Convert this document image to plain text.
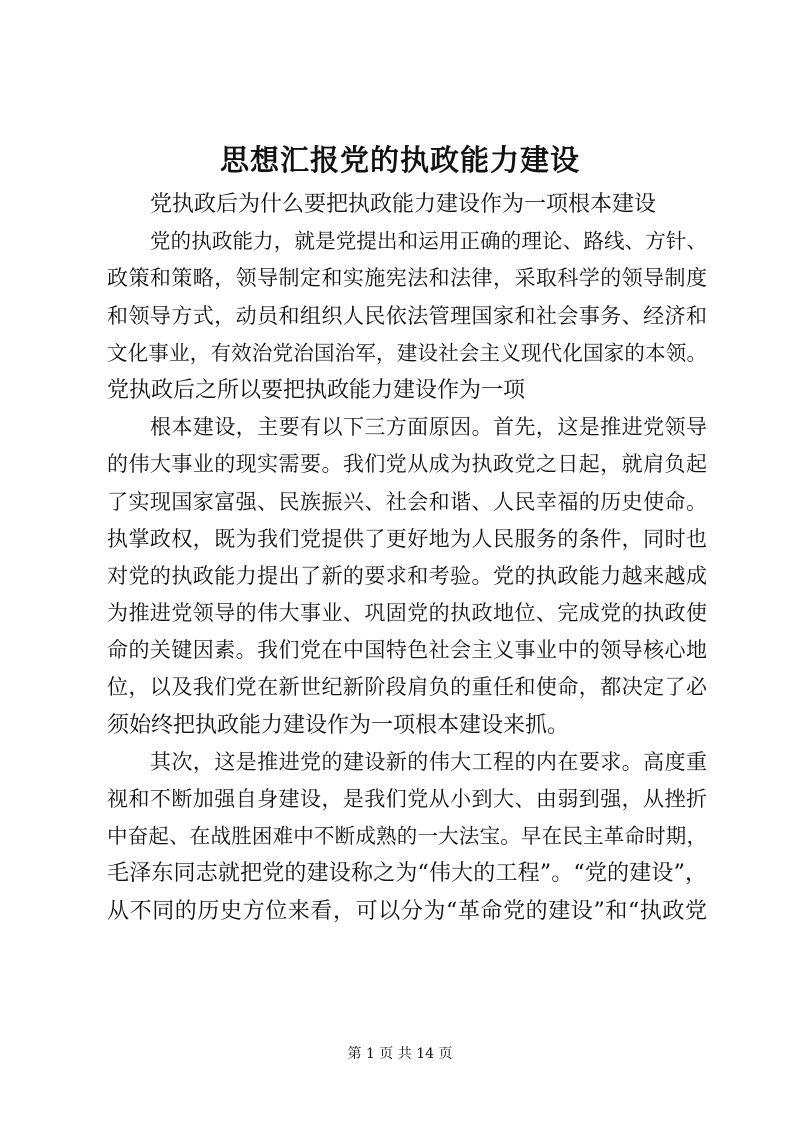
思想汇报党的执政能力建设
党执政后为什么要把执政能力建设作为一项根本建设
党的执政能力，就是党提出和运用正确的理论、路线、方针、
政策和策略，领导制定和实施宪法和法律，采取科学的领导制度
和领导方式，动员和组织人民依法管理国家和社会事务、经济和
文化事业，有效治党治国治军，建设社会主义现代化国家的本领。
党执政后之所以要把执政能力建设作为一项
根本建设，主要有以下三方面原因。首先，这是推进党领导
的伟大事业的现实需要。我们党从成为执政党之日起，就肩负起
了实现国家富强、民族振兴、社会和谐、人民幸福的历史使命。
执掌政权，既为我们党提供了更好地为人民服务的条件，同时也
对党的执政能力提出了新的要求和考验。党的执政能力越来越成
为推进党领导的伟大事业、巩固党的执政地位、完成党的执政使
命的关键因素。我们党在中国特色社会主义事业中的领导核心地
位，以及我们党在新世纪新阶段肩负的重任和使命，都决定了必
须始终把执政能力建设作为一项根本建设来抓。
其次，这是推进党的建设新的伟大工程的内在要求。高度重
视和不断加强自身建设，是我们党从小到大、由弱到强，从挫折
中奋起、在战胜困难中不断成熟的一大法宝。早在民主革命时期，
毛泽东同志就把党的建设称之为“伟大的工程”。“党的建设”，
从不同的历史方位来看，可以分为“革命党的建设”和“执政党
第 1 页 共 14 页
